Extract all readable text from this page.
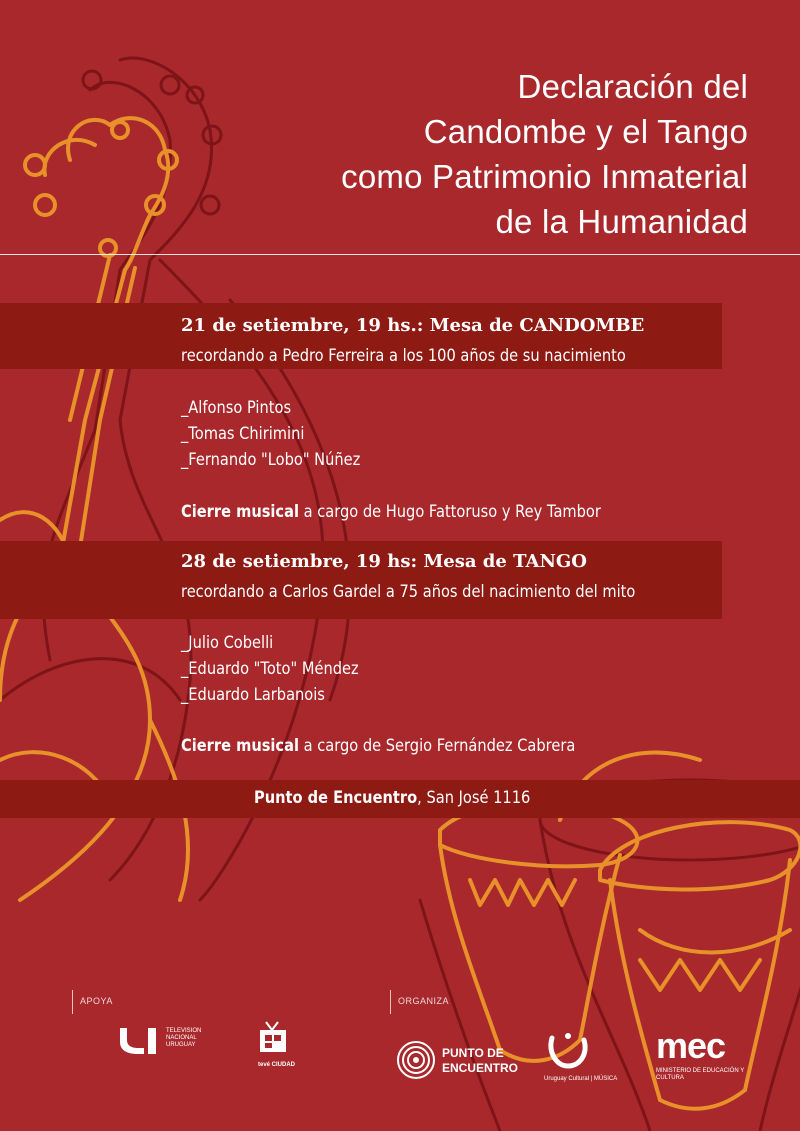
Declaración del
Candombe y el Tango
como Patrimonio Inmaterial
de la Humanidad
21 de setiembre, 19 hs.: Mesa de CANDOMBE
recordando a Pedro Ferreira a los 100 años de su nacimiento
_Alfonso Pintos
_Tomas Chirimini
_Fernando "Lobo" Núñez
Cierre musical a cargo de Hugo Fattoruso y Rey Tambor
28 de setiembre, 19 hs: Mesa de TANGO
recordando a Carlos Gardel a 75 años del nacimiento del mito
_Julio Cobelli
_Eduardo "Toto" Méndez
_Eduardo Larbanois
Cierre musical a cargo de Sergio Fernández Cabrera
Punto de Encuentro, San José 1116
APOYA	ORGANIZA
TELEVISION NACIONAL URUGUAY
tevé CIUDAD
PUNTO DE
ENCUENTRO
Uruguay Cultural | MÚSICA
mec
MINISTERIO DE EDUCACIÓN Y CULTURA
